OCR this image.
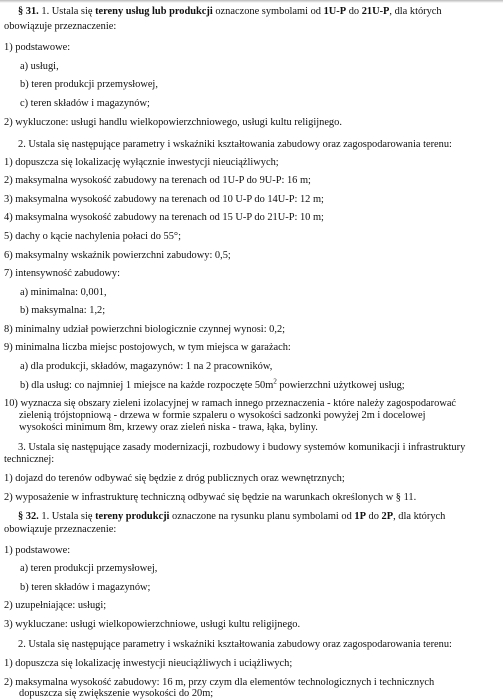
§ 31. 1. Ustala się tereny usług lub produkcji oznaczone symbolami od 1U-P do 21U-P, dla których
obowiązuje przeznaczenie:
1) podstawowe:
a) usługi,
b) teren produkcji przemysłowej,
c) teren składów i magazynów;
2) wykluczone: usługi handlu wielkopowierzchniowego, usługi kultu religijnego.
2. Ustala się następujące parametry i wskaźniki kształtowania zabudowy oraz zagospodarowania terenu:
1) dopuszcza się lokalizację wyłącznie inwestycji nieuciążliwych;
2) maksymalna wysokość zabudowy na terenach od 1U-P do 9U-P: 16 m;
3) maksymalna wysokość zabudowy na terenach od 10 U-P do 14U-P: 12 m;
4) maksymalna wysokość zabudowy na terenach od 15 U-P do 21U-P: 10 m;
5) dachy o kącie nachylenia połaci do 55°;
6) maksymalny wskaźnik powierzchni zabudowy: 0,5;
7) intensywność zabudowy:
a) minimalna: 0,001,
b) maksymalna: 1,2;
8) minimalny udział powierzchni biologicznie czynnej wynosi: 0,2;
9) minimalna liczba miejsc postojowych, w tym miejsca w garażach:
a) dla produkcji, składów, magazynów: 1 na 2 pracowników,
b) dla usług: co najmniej 1 miejsce na każde rozpoczęte $50m^2$ powierzchni użytkowej usług;
10) wyznacza się obszary zieleni izolacyjnej w ramach innego przeznaczenia - które należy zagospodarować
zielenią trójstopniową - drzewa w formie szpaleru o wysokości sadzonki powyżej 2m i docelowej
wysokości minimum 8m, krzewy oraz zieleń niska - trawa, łąka, byliny.
3. Ustala się następujące zasady modernizacji, rozbudowy i budowy systemów komunikacji i infrastruktury
technicznej:
1) dojazd do terenów odbywać się będzie z dróg publicznych oraz wewnętrznych;
2) wyposażenie w infrastrukturę techniczną odbywać się będzie na warunkach określonych w § 11.
§ 32. 1. Ustala się tereny produkcji oznaczone na rysunku planu symbolami od 1P do 2P, dla których
obowiązuje przeznaczenie:
1) podstawowe:
a) teren produkcji przemysłowej,
b) teren składów i magazynów;
2) uzupełniające: usługi;
3) wykluczane: usługi wielkopowierzchniowe, usługi kultu religijnego.
2. Ustala się następujące parametry i wskaźniki kształtowania zabudowy oraz zagospodarowania terenu:
1) dopuszcza się lokalizację inwestycji nieuciążliwych i uciążliwych;
2) maksymalna wysokość zabudowy: 16 m, przy czym dla elementów technologicznych i technicznych
dopuszcza się zwiększenie wysokości do 20m;
